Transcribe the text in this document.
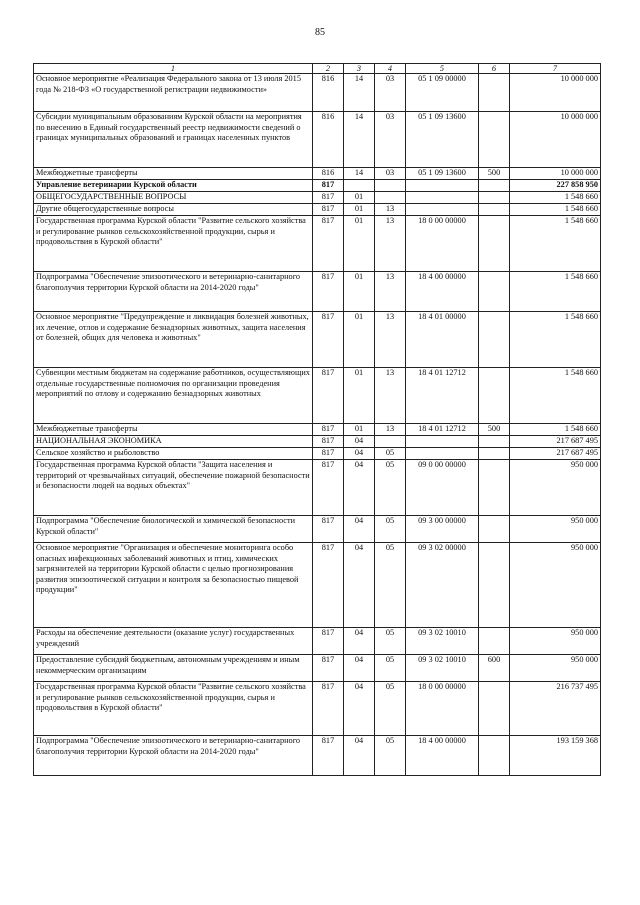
85
1	2	3	4	5	6	7
Основное мероприятие «Реализация Федерального закона от 13 июля 2015 года № 218-ФЗ «О государственной регистрации недвижимости»	816	14	03	05 1 09 00000		10 000 000
Субсидии муниципальным образованиям Курской области на мероприятия по внесению в Единый государственный реестр недвижимости сведений о границах муниципальных образований и границах населенных пунктов	816	14	03	05 1 09 13600		10 000 000
Межбюджетные трансферты	816	14	03	05 1 09 13600	500	10 000 000
Управление ветеринарии Курской области	817					227 858 950
ОБЩЕГОСУДАРСТВЕННЫЕ ВОПРОСЫ	817	01				1 548 660
Другие общегосударственные вопросы	817	01	13			1 548 660
Государственная программа Курской области "Развитие сельского хозяйства и регулирование рынков сельскохозяйственной продукции, сырья и продовольствия в Курской области"	817	01	13	18 0 00 00000		1 548 660
Подпрограмма "Обеспечение эпизоотического и ветеринарно-санитарного благополучия территории Курской области на 2014-2020 годы"	817	01	13	18 4 00 00000		1 548 660
Основное мероприятие "Предупреждение и ликвидация болезней животных, их лечение, отлов и содержание безнадзорных животных, защита населения от болезней, общих для человека и животных"	817	01	13	18 4 01 00000		1 548 660
Субвенции местным бюджетам на содержание работников, осуществляющих отдельные государственные полномочия по организации проведения мероприятий по отлову и содержанию безнадзорных животных	817	01	13	18 4 01 12712		1 548 660
Межбюджетные трансферты	817	01	13	18 4 01 12712	500	1 548 660
НАЦИОНАЛЬНАЯ ЭКОНОМИКА	817	04				217 687 495
Сельское хозяйство и рыболовство	817	04	05			217 687 495
Государственная программа Курской области "Защита населения и территорий от чрезвычайных ситуаций, обеспечение пожарной безопасности и безопасности людей на водных объектах"	817	04	05	09 0 00 00000		950 000
Подпрограмма "Обеспечение биологической и химической безопасности Курской области"	817	04	05	09 3 00 00000		950 000
Основное мероприятие "Организация и обеспечение мониторинга особо опасных инфекционных заболеваний животных и птиц, химических загрязнителей на территории Курской области с целью прогнозирования развития эпизоотической ситуации и контроля за безопасностью пищевой продукции"	817	04	05	09 3 02 00000		950 000
Расходы на обеспечение деятельности (оказание услуг) государственных учреждений	817	04	05	09 3 02 10010		950 000
Предоставление субсидий бюджетным, автономным учреждениям и иным некоммерческим организациям	817	04	05	09 3 02 10010	600	950 000
Государственная программа Курской области "Развитие сельского хозяйства и регулирование рынков сельскохозяйственной продукции, сырья и продовольствия в Курской области"	817	04	05	18 0 00 00000		216 737 495
Подпрограмма "Обеспечение эпизоотического и ветеринарно-санитарного благополучия территории Курской области на 2014-2020 годы"	817	04	05	18 4 00 00000		193 159 368
